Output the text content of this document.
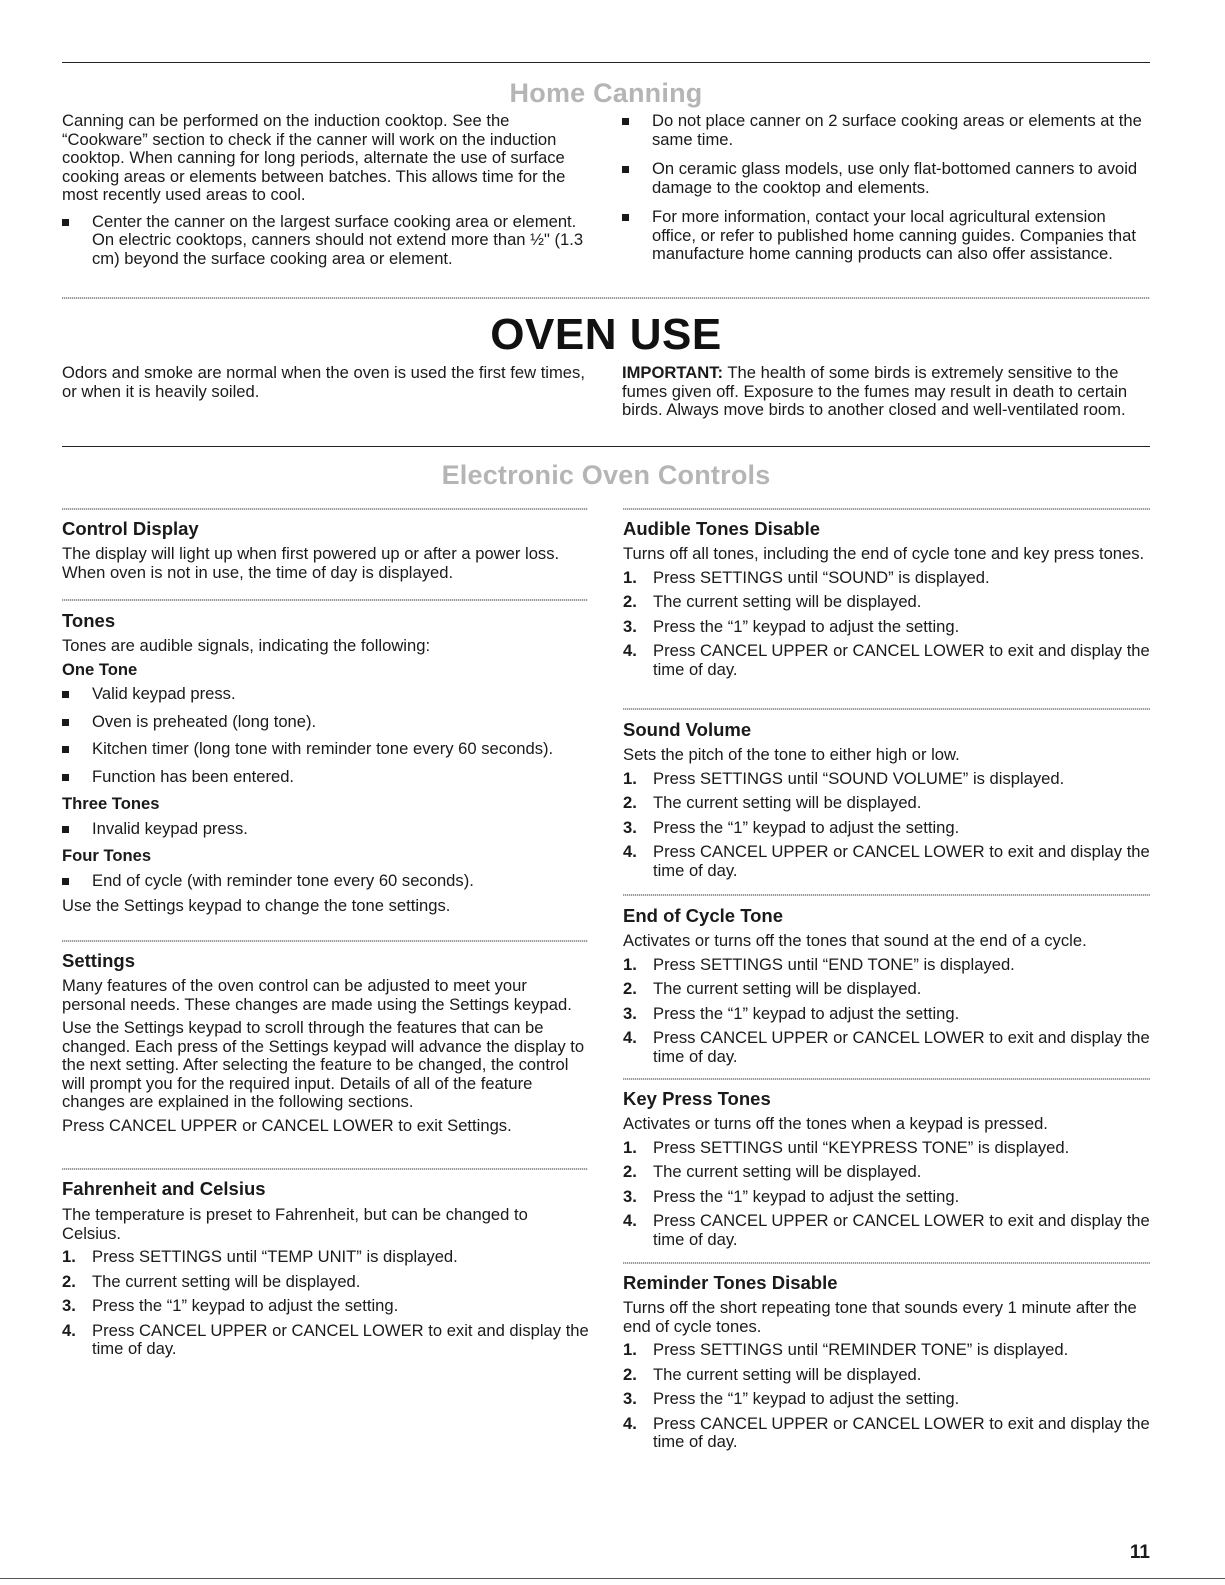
Home Canning

Canning can be performed on the induction cooktop. See the “Cookware” section to check if the canner will work on the induction cooktop. When canning for long periods, alternate the use of surface cooking areas or elements between batches. This allows time for the most recently used areas to cool.

Center the canner on the largest surface cooking area or element. On electric cooktops, canners should not extend more than ½" (1.3 cm) beyond the surface cooking area or element.

Do not place canner on 2 surface cooking areas or elements at the same time.

On ceramic glass models, use only flat-bottomed canners to avoid damage to the cooktop and elements.

For more information, contact your local agricultural extension office, or refer to published home canning guides. Companies that manufacture home canning products can also offer assistance.

OVEN USE

Odors and smoke are normal when the oven is used the first few times, or when it is heavily soiled.

IMPORTANT: The health of some birds is extremely sensitive to the fumes given off. Exposure to the fumes may result in death to certain birds. Always move birds to another closed and well-ventilated room.

Electronic Oven Controls
Control Display

The display will light up when first powered up or after a power loss. When oven is not in use, the time of day is displayed.

Tones

Tones are audible signals, indicating the following:

One Tone

Valid keypad press.

Oven is preheated (long tone).

Kitchen timer (long tone with reminder tone every 60 seconds).

Function has been entered.

Three Tones

Invalid keypad press.

Four Tones

End of cycle (with reminder tone every 60 seconds).

Use the Settings keypad to change the tone settings.

Settings

Many features of the oven control can be adjusted to meet your personal needs. These changes are made using the Settings keypad.

Use the Settings keypad to scroll through the features that can be changed. Each press of the Settings keypad will advance the display to the next setting. After selecting the feature to be changed, the control will prompt you for the required input. Details of all of the feature changes are explained in the following sections.

Press CANCEL UPPER or CANCEL LOWER to exit Settings.

Fahrenheit and Celsius

The temperature is preset to Fahrenheit, but can be changed to Celsius.

1. Press SETTINGS until “TEMP UNIT” is displayed.

2. The current setting will be displayed.

3. Press the “1” keypad to adjust the setting.

4. Press CANCEL UPPER or CANCEL LOWER to exit and display the time of day.

Audible Tones Disable

Turns off all tones, including the end of cycle tone and key press tones.

1. Press SETTINGS until “SOUND” is displayed.

2. The current setting will be displayed.

3. Press the “1” keypad to adjust the setting.

4. Press CANCEL UPPER or CANCEL LOWER to exit and display the time of day.

Sound Volume

Sets the pitch of the tone to either high or low.

1. Press SETTINGS until “SOUND VOLUME” is displayed.

2. The current setting will be displayed.

3. Press the “1” keypad to adjust the setting.

4. Press CANCEL UPPER or CANCEL LOWER to exit and display the time of day.

End of Cycle Tone

Activates or turns off the tones that sound at the end of a cycle.

1. Press SETTINGS until “END TONE” is displayed.

2. The current setting will be displayed.

3. Press the “1” keypad to adjust the setting.

4. Press CANCEL UPPER or CANCEL LOWER to exit and display the time of day.

Key Press Tones

Activates or turns off the tones when a keypad is pressed.

1. Press SETTINGS until “KEYPRESS TONE” is displayed.

2. The current setting will be displayed.

3. Press the “1” keypad to adjust the setting.

4. Press CANCEL UPPER or CANCEL LOWER to exit and display the time of day.

Reminder Tones Disable

Turns off the short repeating tone that sounds every 1 minute after the end of cycle tones.

1. Press SETTINGS until “REMINDER TONE” is displayed.

2. The current setting will be displayed.

3. Press the “1” keypad to adjust the setting.

4. Press CANCEL UPPER or CANCEL LOWER to exit and display the time of day.

11
